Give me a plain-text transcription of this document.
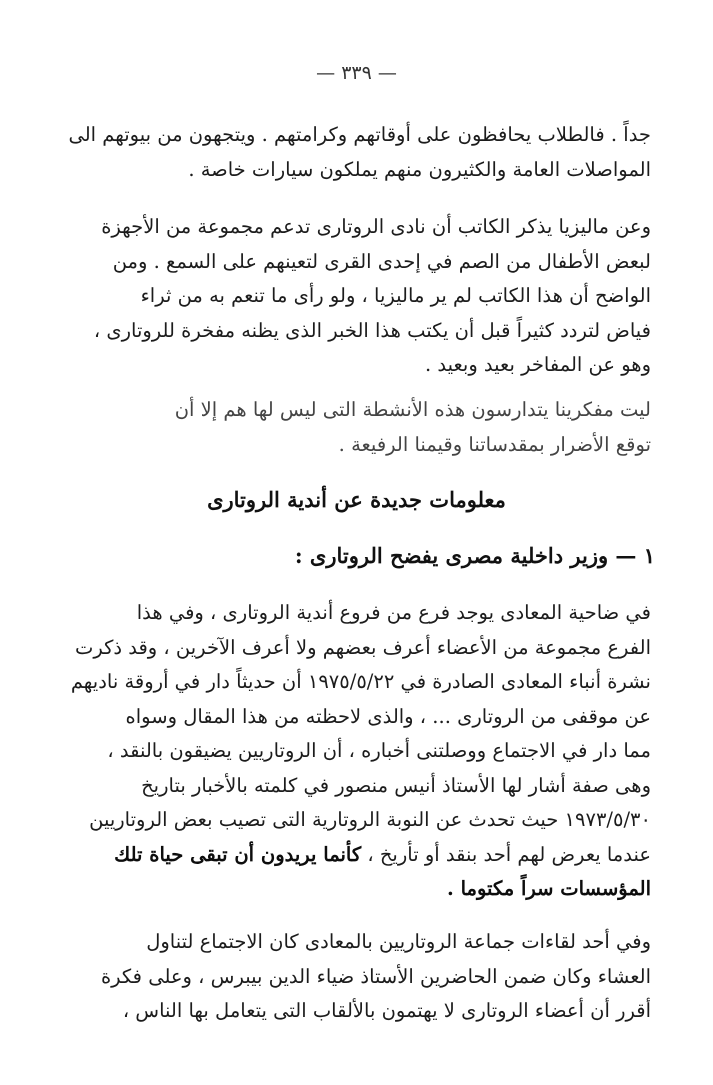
— ٣٣٩ —
جداً . فالطلاب يحافظون على أوقاتهم وكرامتهم . ويتجهون من بيوتهم الى
المواصلات العامة والكثيرون منهم يملكون سيارات خاصة .
وعن ماليزيا يذكر الكاتب أن نادى الروتارى تدعم مجموعة من الأجهزة
لبعض الأطفال من الصم في إحدى القرى لتعينهم على السمع . ومن
الواضح أن هذا الكاتب لم ير ماليزيا ، ولو رأى ما تنعم به من ثراء
فياض لتردد كثيراً قبل أن يكتب هذا الخبر الذى يظنه مفخرة للروتارى ،
وهو عن المفاخر بعيد وبعيد .
ليت مفكرينا يتدارسون هذه الأنشطة التى ليس لها هم إلا أن
توقع الأضرار بمقدساتنا وقيمنا الرفيعة .
معلومات جديدة عن أندية الروتارى
١ — وزير داخلية مصرى يفضح الروتارى :
في ضاحية المعادى يوجد فرع من فروع أندية الروتارى ، وفي هذا
الفرع مجموعة من الأعضاء أعرف بعضهم ولا أعرف الآخرين ، وقد ذكرت
نشرة أنباء المعادى الصادرة في ١٩٧٥/٥/٢٢ أن حديثاً دار في أروقة ناديهم
عن موقفى من الروتارى ... ، والذى لاحظته من هذا المقال وسواه
مما دار في الاجتماع ووصلتنى أخباره ، أن الروتاريين يضيقون بالنقد ،
وهى صفة أشار لها الأستاذ أنيس منصور في كلمته بالأخبار بتاريخ
١٩٧٣/٥/٣٠ حيث تحدث عن النوبة الروتارية التى تصيب بعض الروتاريين
عندما يعرض لهم أحد بنقد أو تأريخ ، كأنما يريدون أن تبقى حياة تلك
المؤسسات سراً مكتوما .
وفي أحد لقاءات جماعة الروتاريين بالمعادى كان الاجتماع لتناول
العشاء وكان ضمن الحاضرين الأستاذ ضياء الدين بيبرس ، وعلى فكرة
أقرر أن أعضاء الروتارى لا يهتمون بالألقاب التى يتعامل بها الناس ،
